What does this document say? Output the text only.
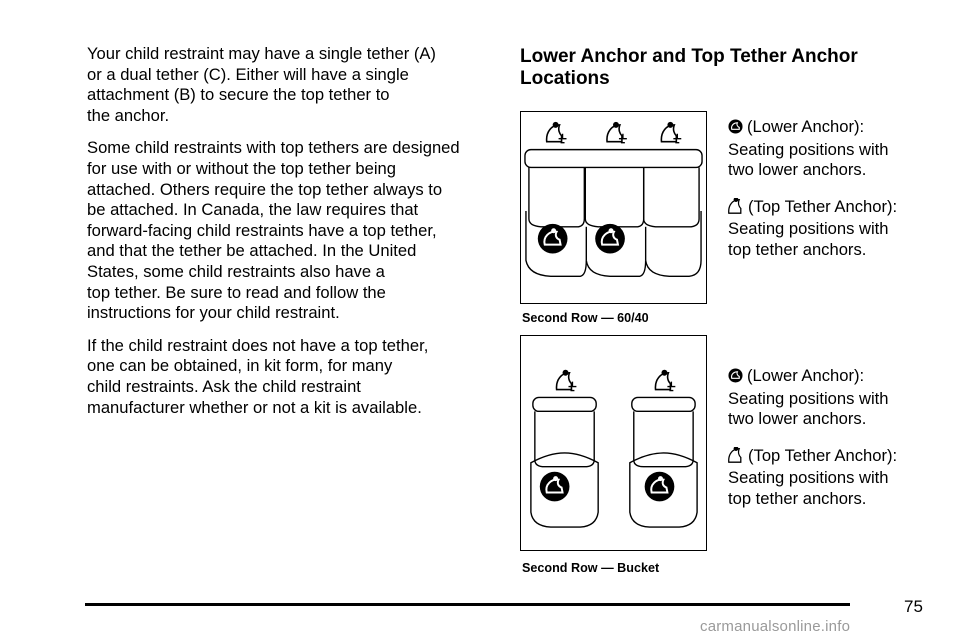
Your child restraint may have a single tether (A)
or a dual tether (C). Either will have a single
attachment (B) to secure the top tether to
the anchor.

Some child restraints with top tethers are designed
for use with or without the top tether being
attached. Others require the top tether always to
be attached. In Canada, the law requires that
forward-facing child restraints have a top tether,
and that the tether be attached. In the United
States, some child restraints also have a
top tether. Be sure to read and follow the
instructions for your child restraint.

If the child restraint does not have a top tether,
one can be obtained, in kit form, for many
child restraints. Ask the child restraint
manufacturer whether or not a kit is available.

Lower Anchor and Top Tether Anchor
Locations
Second Row — 60/40
(Lower Anchor):
Seating positions with
two lower anchors.
(Top Tether Anchor):
Seating positions with
top tether anchors.
Second Row — Bucket
(Lower Anchor):
Seating positions with
two lower anchors.
(Top Tether Anchor):
Seating positions with
top tether anchors.
75
carmanualsonline.info
